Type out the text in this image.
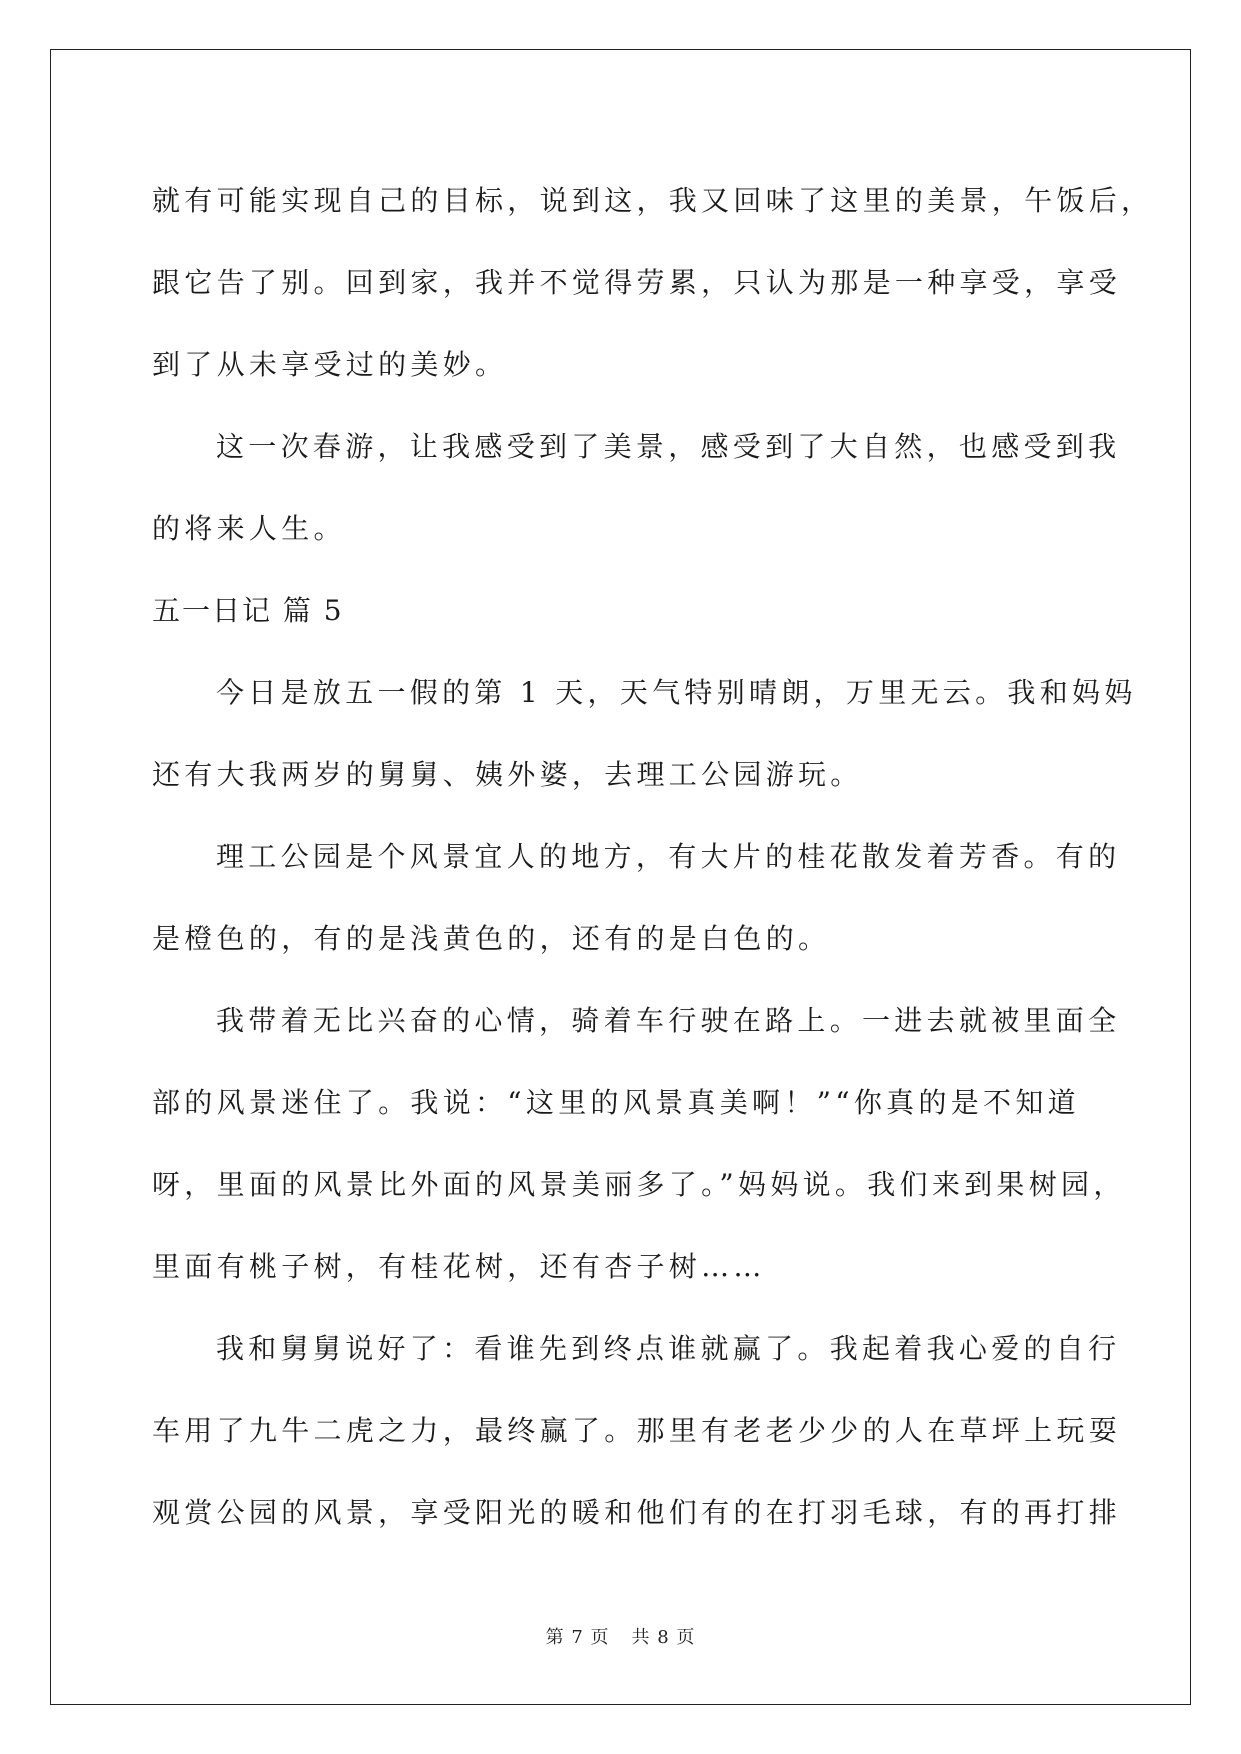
就有可能实现自己的目标，说到这，我又回味了这里的美景，午饭后，
跟它告了别。回到家，我并不觉得劳累，只认为那是一种享受，享受
到了从未享受过的美妙。
这一次春游，让我感受到了美景，感受到了大自然，也感受到我
的将来人生。
五一日记 篇 5
今日是放五一假的第 1 天，天气特别晴朗，万里无云。我和妈妈
还有大我两岁的舅舅、姨外婆，去理工公园游玩。
理工公园是个风景宜人的地方，有大片的桂花散发着芳香。有的
是橙色的，有的是浅黄色的，还有的是白色的。
我带着无比兴奋的心情，骑着车行驶在路上。一进去就被里面全
部的风景迷住了。我说：“这里的风景真美啊！”“你真的是不知道
呀，里面的风景比外面的风景美丽多了。”妈妈说。我们来到果树园，
里面有桃子树，有桂花树，还有杏子树……
我和舅舅说好了：看谁先到终点谁就赢了。我起着我心爱的自行
车用了九牛二虎之力，最终赢了。那里有老老少少的人在草坪上玩耍
观赏公园的风景，享受阳光的暖和他们有的在打羽毛球，有的再打排
第 7 页 共 8 页
